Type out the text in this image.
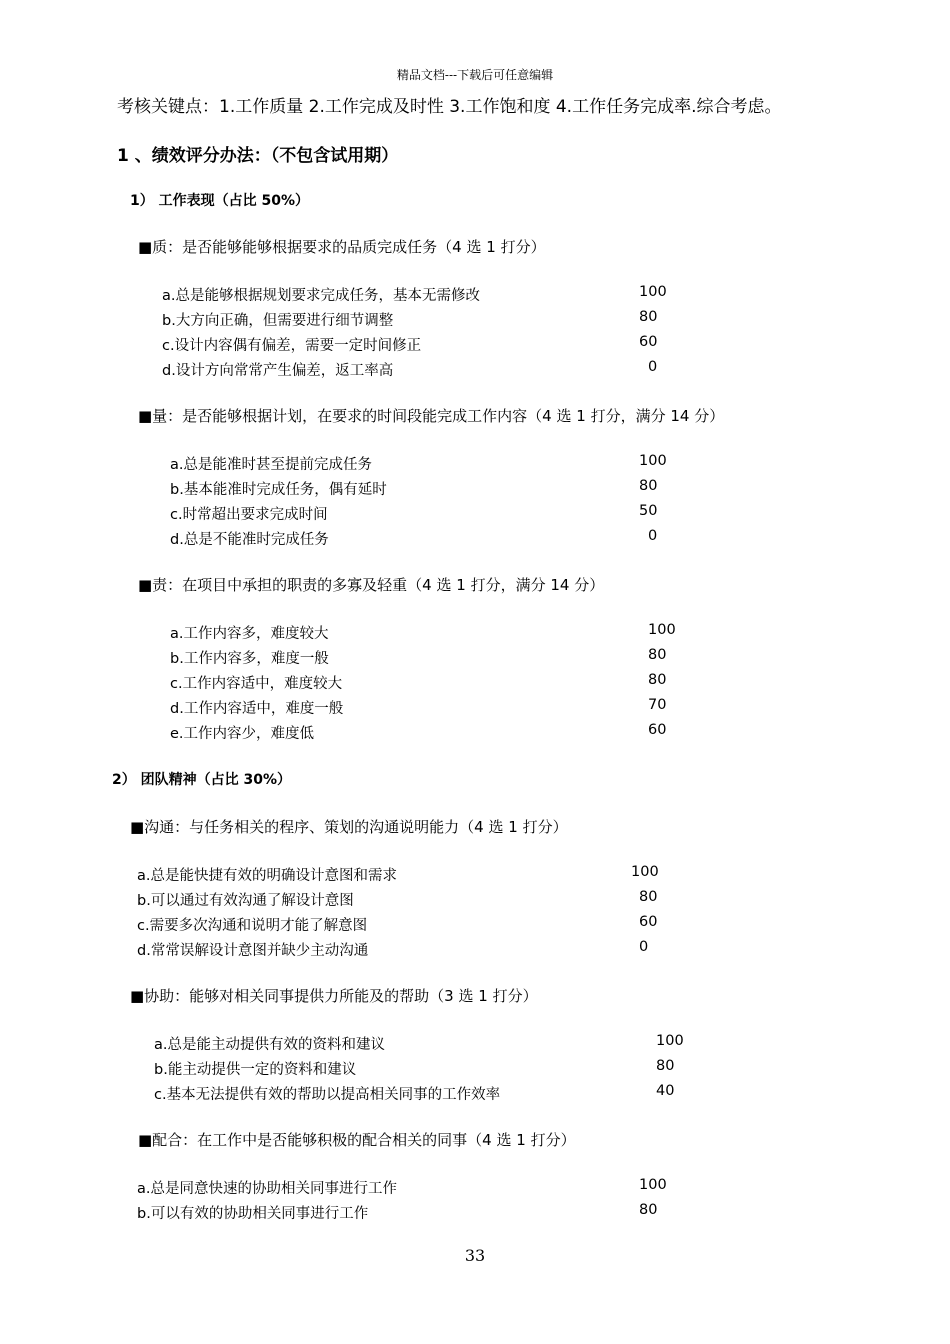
精品文档---下载后可任意编辑
考核关键点：1.工作质量 2.工作完成及时性 3.工作饱和度 4.工作任务完成率.综合考虑。
1 、绩效评分办法：（不包含试用期）
1） 工作表现（占比 50%）
■质：是否能够能够根据要求的品质完成任务（4 选 1 打分）
a.总是能够根据规划要求完成任务，基本无需修改	100
b.大方向正确，但需要进行细节调整	80
c.设计内容偶有偏差，需要一定时间修正	60
d.设计方向常常产生偏差，返工率高	0
■量：是否能够根据计划，在要求的时间段能完成工作内容（4 选 1 打分，满分 14 分）
a.总是能准时甚至提前完成任务	100
b.基本能准时完成任务，偶有延时	80
c.时常超出要求完成时间	50
d.总是不能准时完成任务	0
■责：在项目中承担的职责的多寡及轻重（4 选 1 打分，满分 14 分）
a.工作内容多，难度较大	100
b.工作内容多，难度一般	80
c.工作内容适中，难度较大	80
d.工作内容适中，难度一般	70
e.工作内容少，难度低	60
2） 团队精神（占比 30%）
■沟通：与任务相关的程序、策划的沟通说明能力（4 选 1 打分）
a.总是能快捷有效的明确设计意图和需求	100
b.可以通过有效沟通了解设计意图	80
c.需要多次沟通和说明才能了解意图	60
d.常常误解设计意图并缺少主动沟通	0
■协助：能够对相关同事提供力所能及的帮助（3 选 1 打分）
a.总是能主动提供有效的资料和建议	100
b.能主动提供一定的资料和建议	80
c.基本无法提供有效的帮助以提高相关同事的工作效率	40
■配合：在工作中是否能够积极的配合相关的同事（4 选 1 打分）
a.总是同意快速的协助相关同事进行工作	100
b.可以有效的协助相关同事进行工作	80
33
